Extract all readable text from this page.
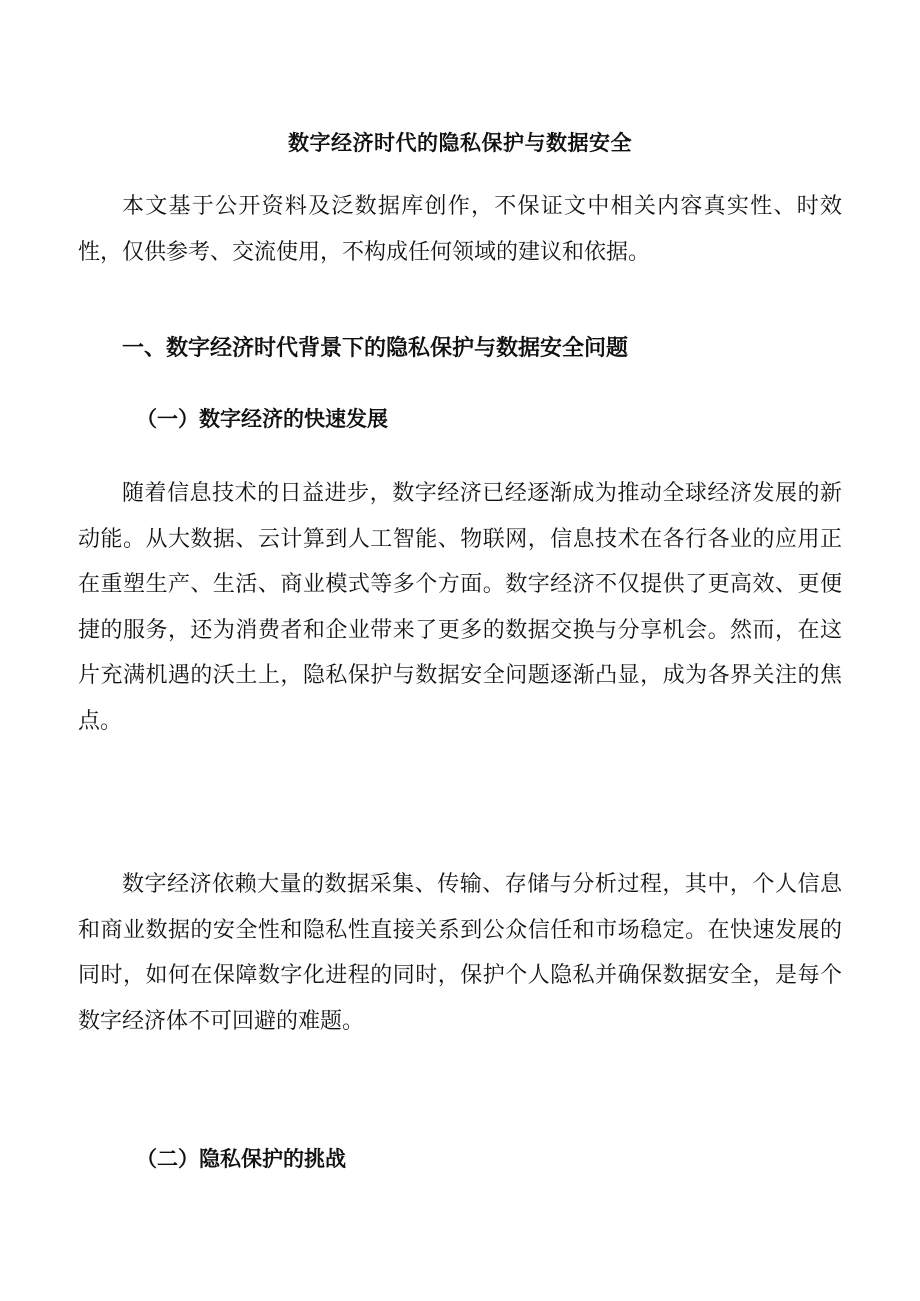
数字经济时代的隐私保护与数据安全

本文基于公开资料及泛数据库创作，不保证文中相关内容真实性、时效性，仅供参考、交流使用，不构成任何领域的建议和依据。

一、数字经济时代背景下的隐私保护与数据安全问题
（一）数字经济的快速发展

随着信息技术的日益进步，数字经济已经逐渐成为推动全球经济发展的新动能。从大数据、云计算到人工智能、物联网，信息技术在各行各业的应用正在重塑生产、生活、商业模式等多个方面。数字经济不仅提供了更高效、更便捷的服务，还为消费者和企业带来了更多的数据交换与分享机会。然而，在这片充满机遇的沃土上，隐私保护与数据安全问题逐渐凸显，成为各界关注的焦点。

数字经济依赖大量的数据采集、传输、存储与分析过程，其中，个人信息和商业数据的安全性和隐私性直接关系到公众信任和市场稳定。在快速发展的同时，如何在保障数字化进程的同时，保护个人隐私并确保数据安全，是每个数字经济体不可回避的难题。

（二）隐私保护的挑战
